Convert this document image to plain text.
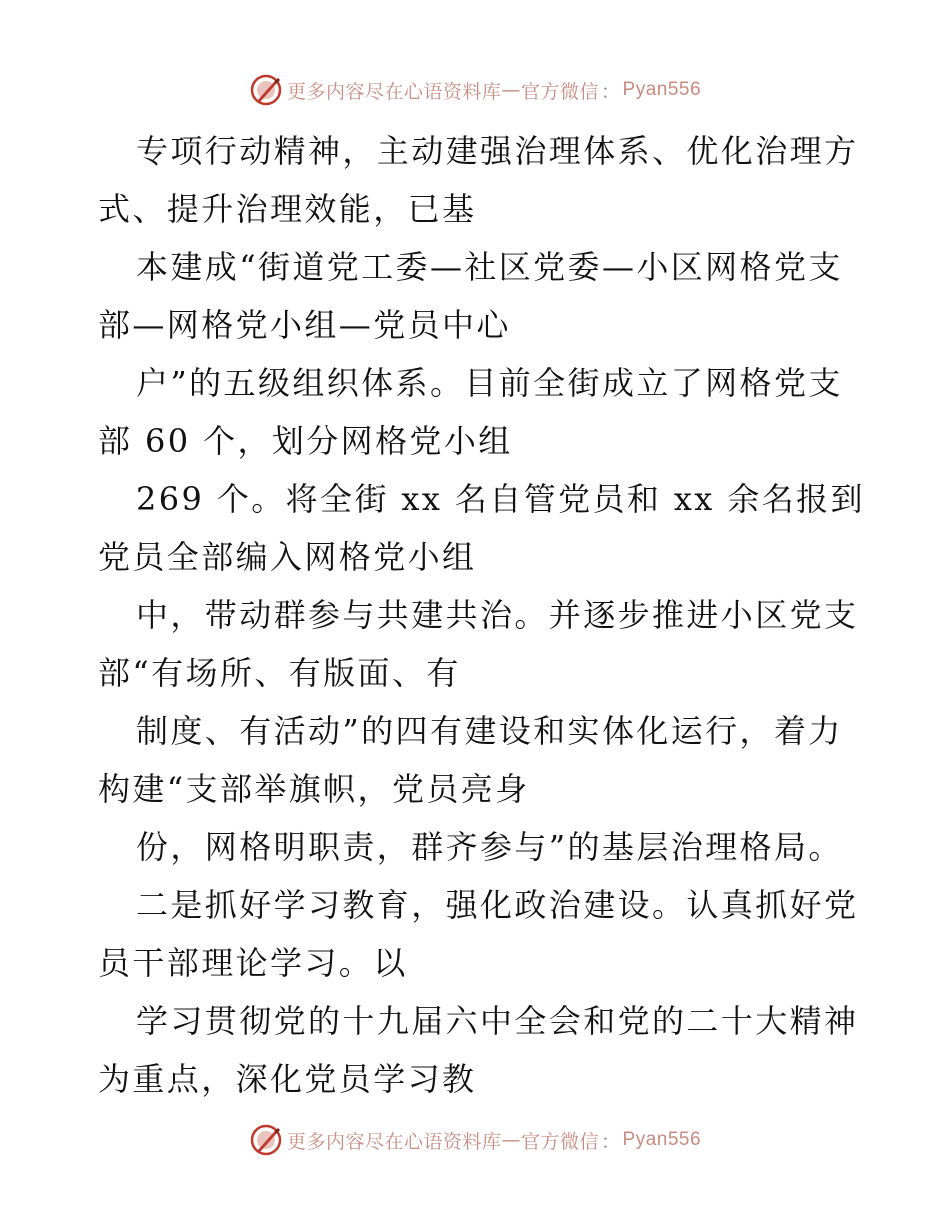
更多内容尽在心语资料库 — 官方微信 ： Pyan556
专项行动精神，主动建强治理体系、优化治理方
式、提升治理效能，已基
本建成“街道党工委—社区党委—小区网格党支
部—网格党小组—党员中心
户”的五级组织体系。目前全街成立了网格党支
部 60 个，划分网格党小组
269 个。将全街 xx 名自管党员和 xx 余名报到
党员全部编入网格党小组
中，带动群参与共建共治。并逐步推进小区党支
部“有场所、有版面、有
制度、有活动”的四有建设和实体化运行，着力
构建“支部举旗帜，党员亮身
份，网格明职责，群齐参与”的基层治理格局。
二是抓好学习教育，强化政治建设。认真抓好党
员干部理论学习。以
学习贯彻党的十九届六中全会和党的二十大精神
为重点，深化党员学习教
更多内容尽在心语资料库 — 官方微信 ： Pyan556
